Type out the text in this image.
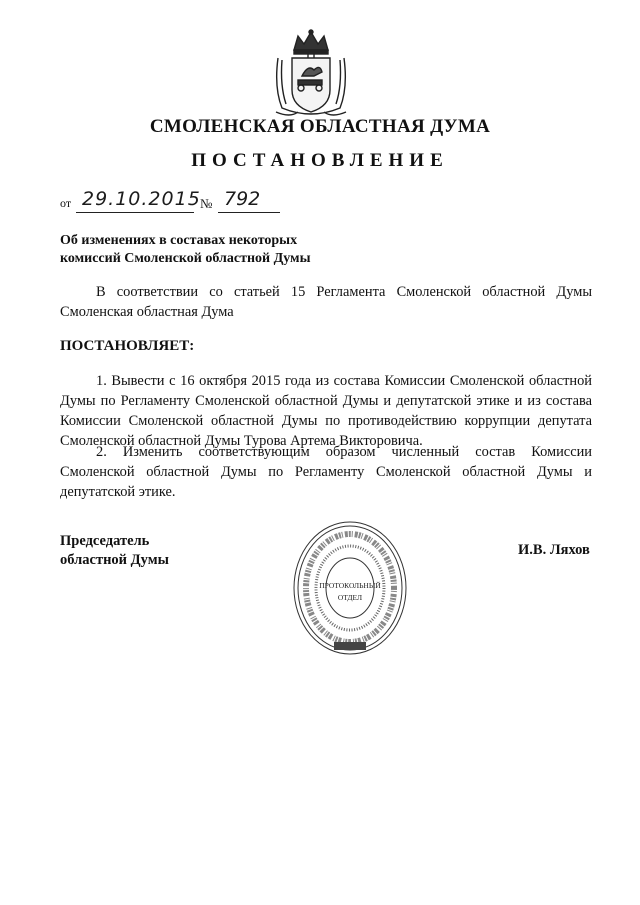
СМОЛЕНСКАЯ ОБЛАСТНАЯ ДУМА
ПОСТАНОВЛЕНИЕ
от 29.10.2015 № 792
Об изменениях в составах некоторых
комиссий Смоленской областной Думы
В соответствии со статьей 15 Регламента Смоленской областной Думы Смоленская областная Дума
ПОСТАНОВЛЯЕТ:
1. Вывести с 16 октября 2015 года из состава Комиссии Смоленской областной Думы по Регламенту Смоленской областной Думы и депутатской этике и из состава Комиссии Смоленской областной Думы по противодействию коррупции депутата Смоленской областной Думы Турова Артема Викторовича.
2. Изменить соответствующим образом численный состав Комиссии Смоленской областной Думы по Регламенту Смоленской областной Думы и депутатской этике.
Председатель
областной Думы
И.В. Ляхов
ПРОТОКОЛЬНЫЙ
ОТДЕЛ
